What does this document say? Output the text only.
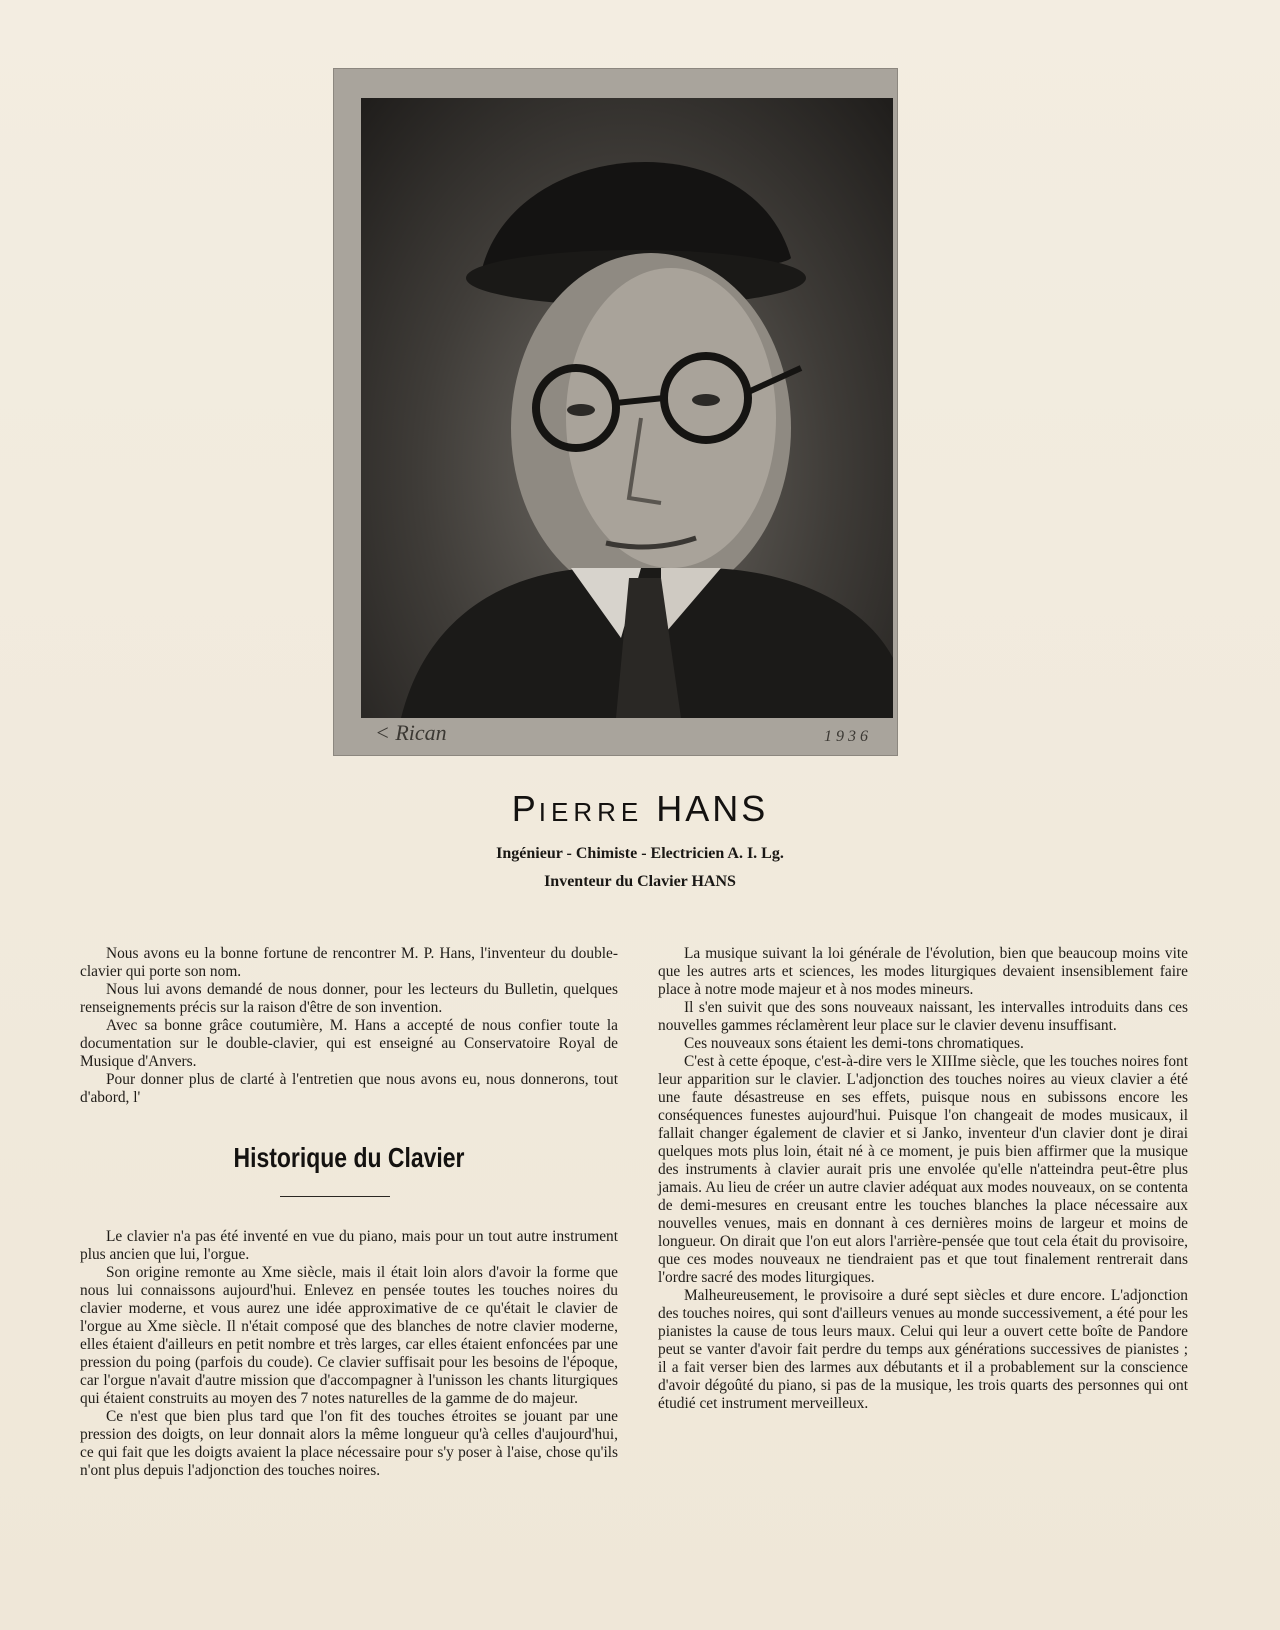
< Rican	1936
PIERRE HANS
Ingénieur - Chimiste - Electricien A. I. Lg.
Inventeur du Clavier HANS

Nous avons eu la bonne fortune de rencontrer M. P. Hans, l'inventeur du double-clavier qui porte son nom.

Nous lui avons demandé de nous donner, pour les lecteurs du Bulletin, quelques renseignements précis sur la raison d'être de son invention.

Avec sa bonne grâce coutumière, M. Hans a accepté de nous confier toute la documentation sur le double-clavier, qui est enseigné au Conservatoire Royal de Musique d'Anvers.

Pour donner plus de clarté à l'entretien que nous avons eu, nous donnerons, tout d'abord, l'

Historique du Clavier

Le clavier n'a pas été inventé en vue du piano, mais pour un tout autre instrument plus ancien que lui, l'orgue.

Son origine remonte au Xme siècle, mais il était loin alors d'avoir la forme que nous lui connaissons aujourd'hui. Enlevez en pensée toutes les touches noires du clavier moderne, et vous aurez une idée approximative de ce qu'était le clavier de l'orgue au Xme siècle. Il n'était composé que des blanches de notre clavier moderne, elles étaient d'ailleurs en petit nombre et très larges, car elles étaient enfoncées par une pression du poing (parfois du coude). Ce clavier suffisait pour les besoins de l'époque, car l'orgue n'avait d'autre mission que d'accompagner à l'unisson les chants liturgiques qui étaient construits au moyen des 7 notes naturelles de la gamme de do majeur.

Ce n'est que bien plus tard que l'on fit des touches étroites se jouant par une pression des doigts, on leur donnait alors la même longueur qu'à celles d'aujourd'hui, ce qui fait que les doigts avaient la place nécessaire pour s'y poser à l'aise, chose qu'ils n'ont plus depuis l'adjonction des touches noires.

La musique suivant la loi générale de l'évolution, bien que beaucoup moins vite que les autres arts et sciences, les modes liturgiques devaient insensiblement faire place à notre mode majeur et à nos modes mineurs.

Il s'en suivit que des sons nouveaux naissant, les intervalles introduits dans ces nouvelles gammes réclamèrent leur place sur le clavier devenu insuffisant.

Ces nouveaux sons étaient les demi-tons chromatiques.

C'est à cette époque, c'est-à-dire vers le XIIIme siècle, que les touches noires font leur apparition sur le clavier. L'adjonction des touches noires au vieux clavier a été une faute désastreuse en ses effets, puisque nous en subissons encore les conséquences funestes aujourd'hui. Puisque l'on changeait de modes musicaux, il fallait changer également de clavier et si Janko, inventeur d'un clavier dont je dirai quelques mots plus loin, était né à ce moment, je puis bien affirmer que la musique des instruments à clavier aurait pris une envolée qu'elle n'atteindra peut-être plus jamais. Au lieu de créer un autre clavier adéquat aux modes nouveaux, on se contenta de demi-mesures en creusant entre les touches blanches la place nécessaire aux nouvelles venues, mais en donnant à ces dernières moins de largeur et moins de longueur. On dirait que l'on eut alors l'arrière-pensée que tout cela était du provisoire, que ces modes nouveaux ne tiendraient pas et que tout finalement rentrerait dans l'ordre sacré des modes liturgiques.

Malheureusement, le provisoire a duré sept siècles et dure encore. L'adjonction des touches noires, qui sont d'ailleurs venues au monde successivement, a été pour les pianistes la cause de tous leurs maux. Celui qui leur a ouvert cette boîte de Pandore peut se vanter d'avoir fait perdre du temps aux générations successives de pianistes ; il a fait verser bien des larmes aux débutants et il a probablement sur la conscience d'avoir dégoûté du piano, si pas de la musique, les trois quarts des personnes qui ont étudié cet instrument merveilleux.
